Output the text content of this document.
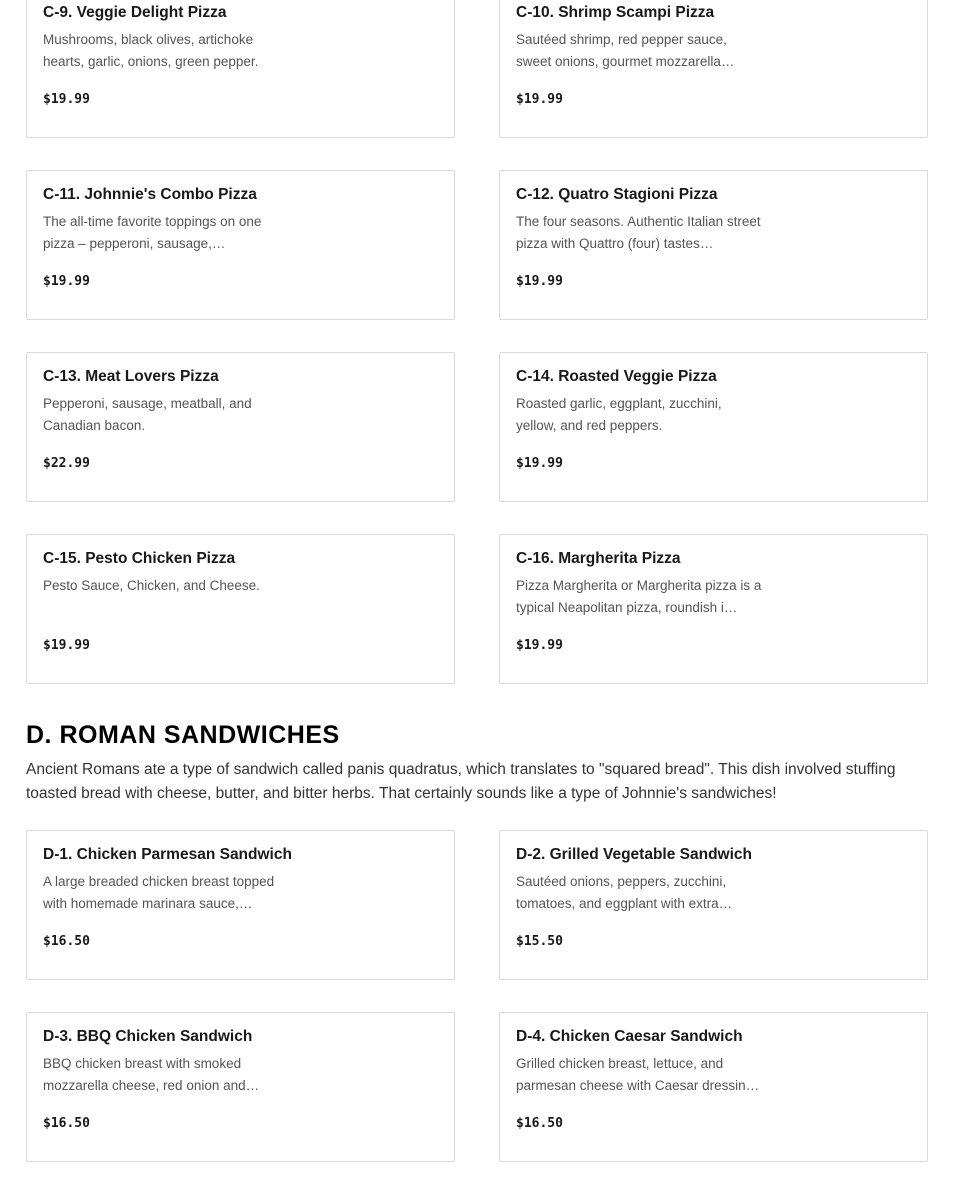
C-9. Veggie Delight Pizza
Mushrooms, black olives, artichoke hearts, garlic, onions, green pepper.
$19.99
C-10. Shrimp Scampi Pizza
Sautéed shrimp, red pepper sauce, sweet onions, gourmet mozzarella…
$19.99
C-11. Johnnie's Combo Pizza
The all-time favorite toppings on one pizza – pepperoni, sausage,…
$19.99
C-12. Quatro Stagioni Pizza
The four seasons. Authentic Italian street pizza with Quattro (four) tastes…
$19.99
C-13. Meat Lovers Pizza
Pepperoni, sausage, meatball, and Canadian bacon.
$22.99
C-14. Roasted Veggie Pizza
Roasted garlic, eggplant, zucchini, yellow, and red peppers.
$19.99
C-15. Pesto Chicken Pizza
Pesto Sauce, Chicken, and Cheese.
$19.99
C-16. Margherita Pizza
Pizza Margherita or Margherita pizza is a typical Neapolitan pizza, roundish i…
$19.99
D. ROMAN SANDWICHES
Ancient Romans ate a type of sandwich called panis quadratus, which translates to "squared bread". This dish involved stuffing toasted bread with cheese, butter, and bitter herbs. That certainly sounds like a type of Johnnie's sandwiches!
D-1. Chicken Parmesan Sandwich
A large breaded chicken breast topped with homemade marinara sauce,…
$16.50
D-2. Grilled Vegetable Sandwich
Sautéed onions, peppers, zucchini, tomatoes, and eggplant with extra…
$15.50
D-3. BBQ Chicken Sandwich
BBQ chicken breast with smoked mozzarella cheese, red onion and…
$16.50
D-4. Chicken Caesar Sandwich
Grilled chicken breast, lettuce, and parmesan cheese with Caesar dressin…
$16.50
